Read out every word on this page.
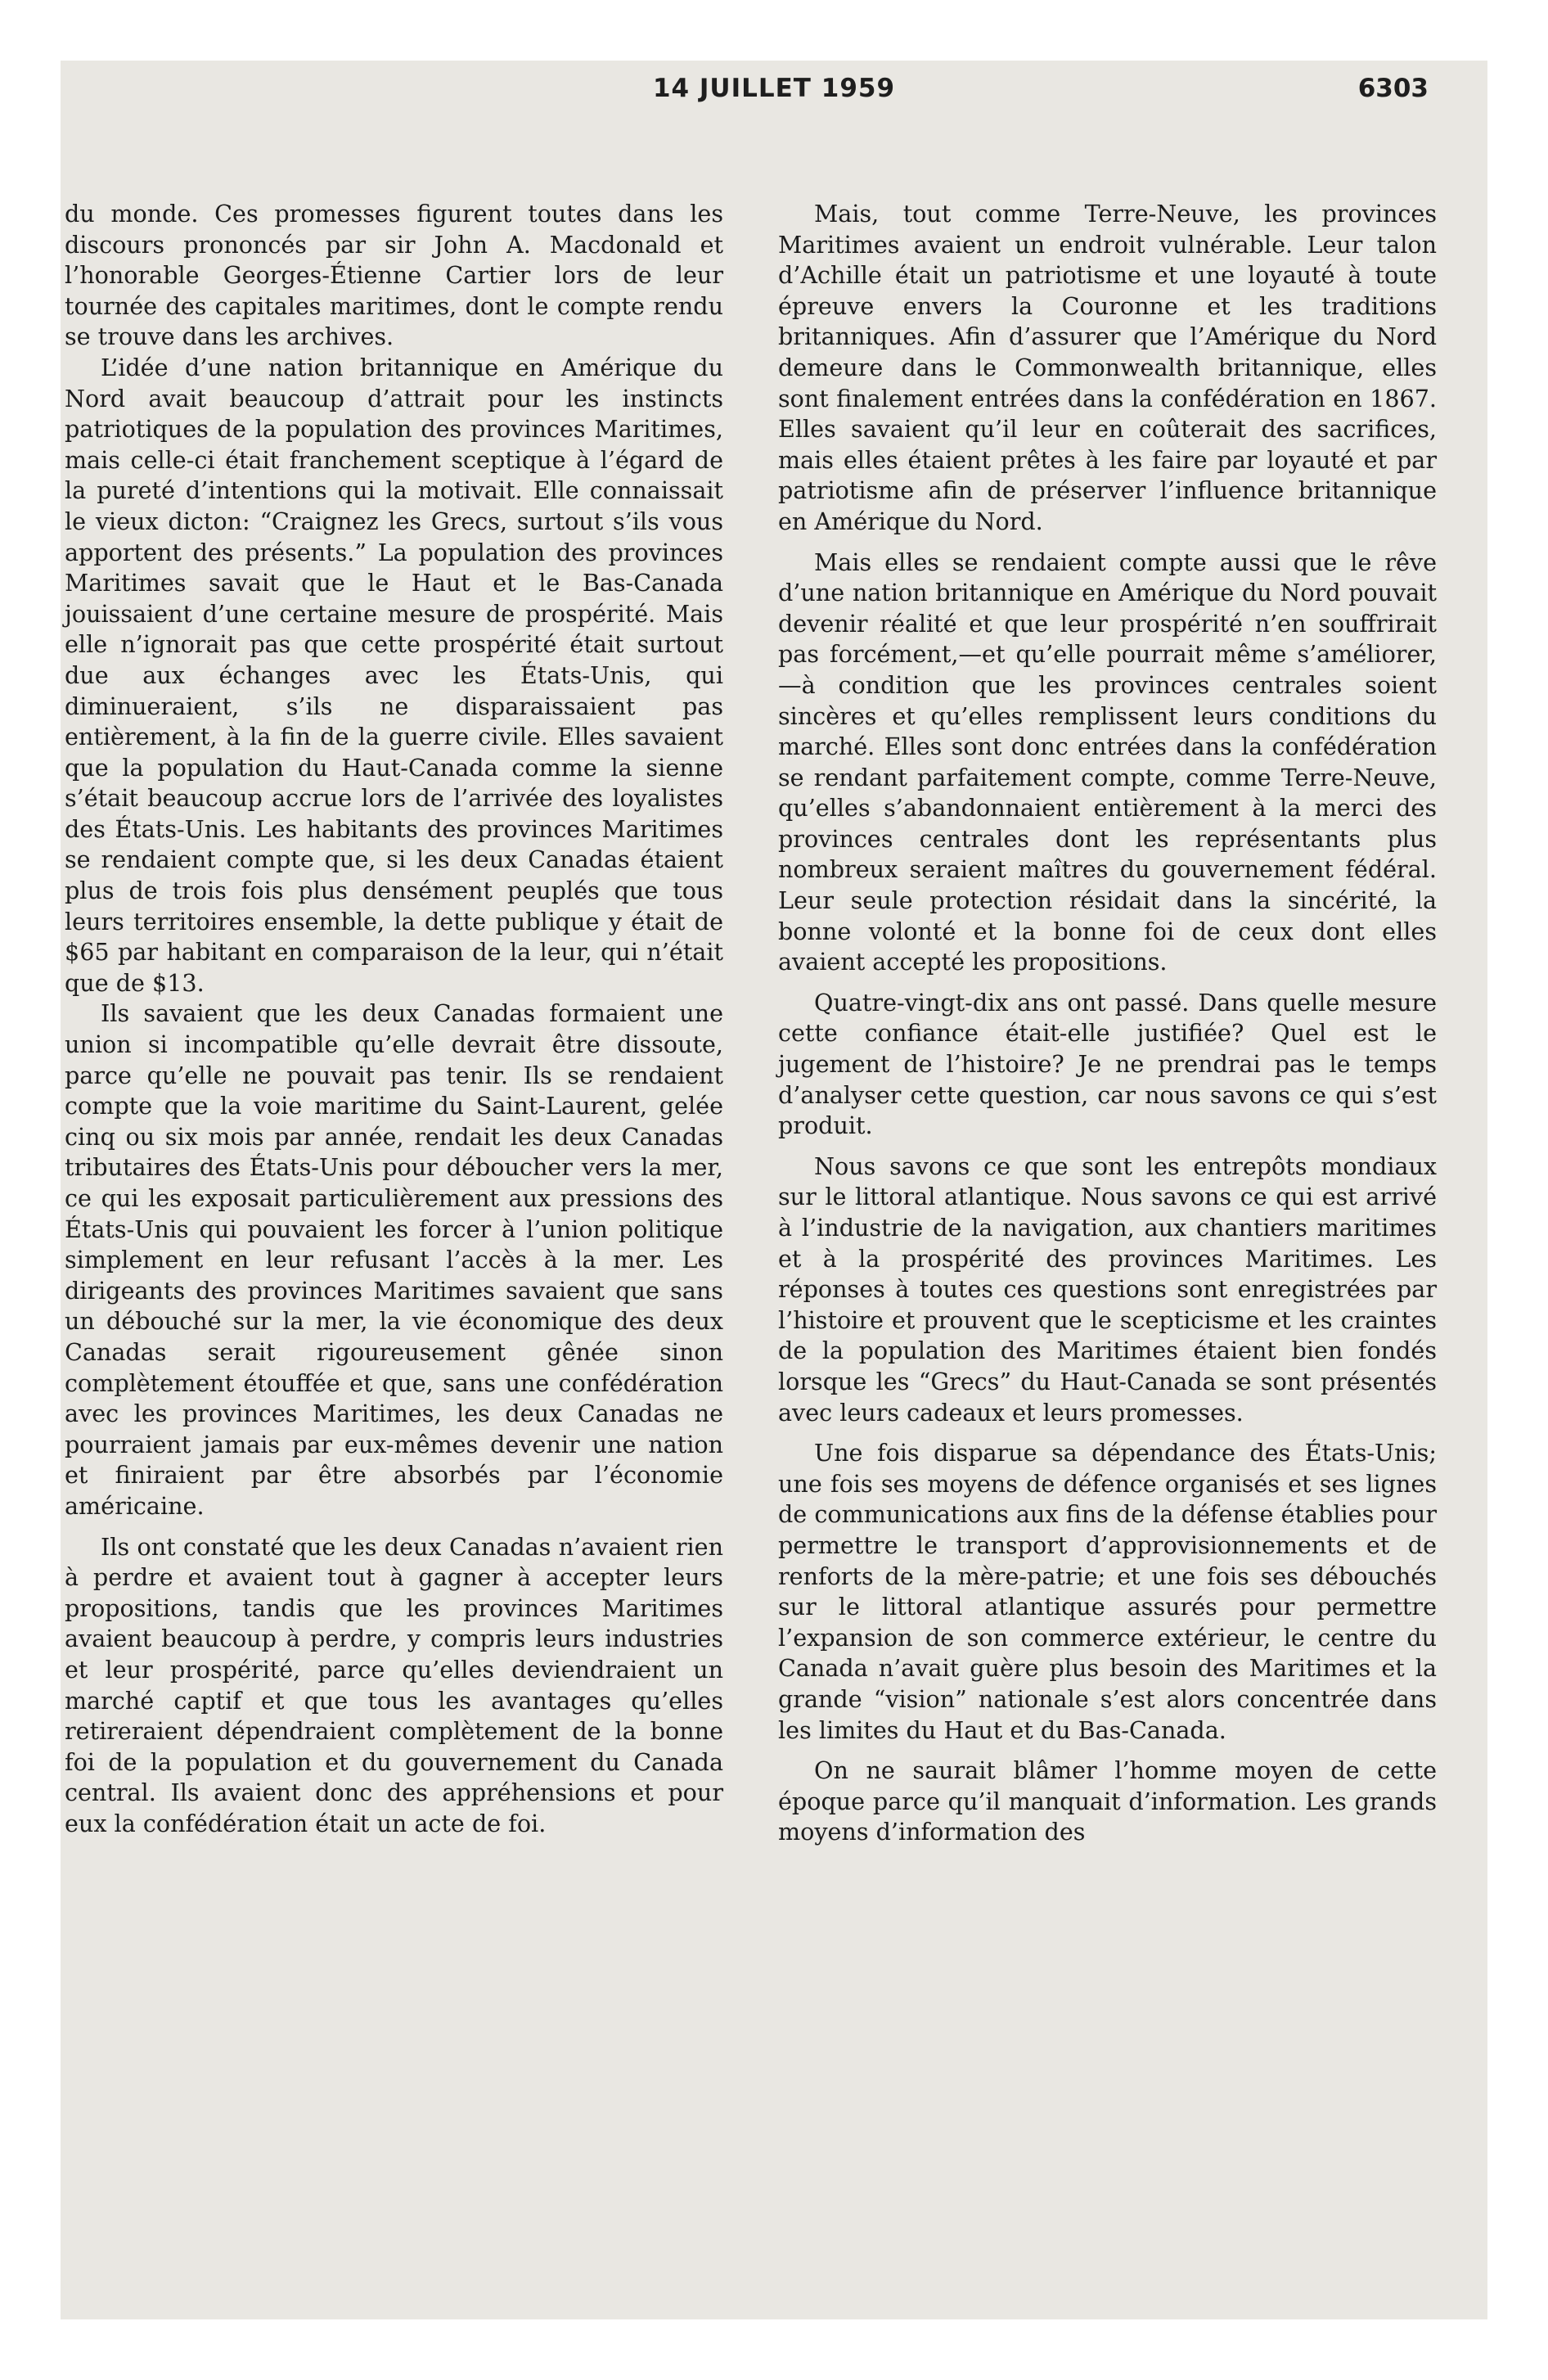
14 JUILLET 1959	6303

du monde. Ces promesses figurent toutes dans les discours prononcés par sir John A. Macdonald et l’honorable Georges-Étienne Cartier lors de leur tournée des capitales maritimes, dont le compte rendu se trouve dans les archives.

L’idée d’une nation britannique en Amérique du Nord avait beaucoup d’attrait pour les instincts patriotiques de la population des provinces Maritimes, mais celle-ci était franchement sceptique à l’égard de la pureté d’intentions qui la motivait. Elle connaissait le vieux dicton: “Craignez les Grecs, surtout s’ils vous apportent des présents.” La population des provinces Maritimes savait que le Haut et le Bas-Canada jouissaient d’une certaine mesure de prospérité. Mais elle n’ignorait pas que cette prospérité était surtout due aux échanges avec les États-Unis, qui diminueraient, s’ils ne disparaissaient pas entièrement, à la fin de la guerre civile. Elles savaient que la population du Haut-Canada comme la sienne s’était beaucoup accrue lors de l’arrivée des loyalistes des États-Unis. Les habitants des provinces Maritimes se rendaient compte que, si les deux Canadas étaient plus de trois fois plus densément peuplés que tous leurs territoires ensemble, la dette publique y était de $65 par habitant en comparaison de la leur, qui n’était que de $13.

Ils savaient que les deux Canadas formaient une union si incompatible qu’elle devrait être dissoute, parce qu’elle ne pouvait pas tenir. Ils se rendaient compte que la voie maritime du Saint-Laurent, gelée cinq ou six mois par année, rendait les deux Canadas tributaires des États-Unis pour déboucher vers la mer, ce qui les exposait particulièrement aux pressions des États-Unis qui pouvaient les forcer à l’union politique simplement en leur refusant l’accès à la mer. Les dirigeants des provinces Maritimes savaient que sans un débouché sur la mer, la vie économique des deux Canadas serait rigoureusement gênée sinon complètement étouffée et que, sans une confédération avec les provinces Maritimes, les deux Canadas ne pourraient jamais par eux-mêmes devenir une nation et finiraient par être absorbés par l’économie américaine.

Ils ont constaté que les deux Canadas n’avaient rien à perdre et avaient tout à gagner à accepter leurs propositions, tandis que les provinces Maritimes avaient beaucoup à perdre, y compris leurs industries et leur prospérité, parce qu’elles deviendraient un marché captif et que tous les avantages qu’elles retireraient dépendraient complètement de la bonne foi de la population et du gouvernement du Canada central. Ils avaient donc des appréhensions et pour eux la confédération était un acte de foi.

Mais, tout comme Terre-Neuve, les provinces Maritimes avaient un endroit vulnérable. Leur talon d’Achille était un patriotisme et une loyauté à toute épreuve envers la Couronne et les traditions britanniques. Afin d’assurer que l’Amérique du Nord demeure dans le Commonwealth britannique, elles sont finalement entrées dans la confédération en 1867. Elles savaient qu’il leur en coûterait des sacrifices, mais elles étaient prêtes à les faire par loyauté et par patriotisme afin de préserver l’influence britannique en Amérique du Nord.

Mais elles se rendaient compte aussi que le rêve d’une nation britannique en Amérique du Nord pouvait devenir réalité et que leur prospérité n’en souffrirait pas forcément,—et qu’elle pourrait même s’améliorer,—à condition que les provinces centrales soient sincères et qu’elles remplissent leurs conditions du marché. Elles sont donc entrées dans la confédération se rendant parfaitement compte, comme Terre-Neuve, qu’elles s’abandonnaient entièrement à la merci des provinces centrales dont les représentants plus nombreux seraient maîtres du gouvernement fédéral. Leur seule protection résidait dans la sincérité, la bonne volonté et la bonne foi de ceux dont elles avaient accepté les propositions.

Quatre-vingt-dix ans ont passé. Dans quelle mesure cette confiance était-elle justifiée? Quel est le jugement de l’histoire? Je ne prendrai pas le temps d’analyser cette question, car nous savons ce qui s’est produit.

Nous savons ce que sont les entrepôts mondiaux sur le littoral atlantique. Nous savons ce qui est arrivé à l’industrie de la navigation, aux chantiers maritimes et à la prospérité des provinces Maritimes. Les réponses à toutes ces questions sont enregistrées par l’histoire et prouvent que le scepticisme et les craintes de la population des Maritimes étaient bien fondés lorsque les “Grecs” du Haut-Canada se sont présentés avec leurs cadeaux et leurs promesses.

Une fois disparue sa dépendance des États-Unis; une fois ses moyens de défence organisés et ses lignes de communications aux fins de la défense établies pour permettre le transport d’approvisionnements et de renforts de la mère-patrie; et une fois ses débouchés sur le littoral atlantique assurés pour permettre l’expansion de son commerce extérieur, le centre du Canada n’avait guère plus besoin des Maritimes et la grande “vision” nationale s’est alors concentrée dans les limites du Haut et du Bas-Canada.

On ne saurait blâmer l’homme moyen de cette époque parce qu’il manquait d’information. Les grands moyens d’information des
